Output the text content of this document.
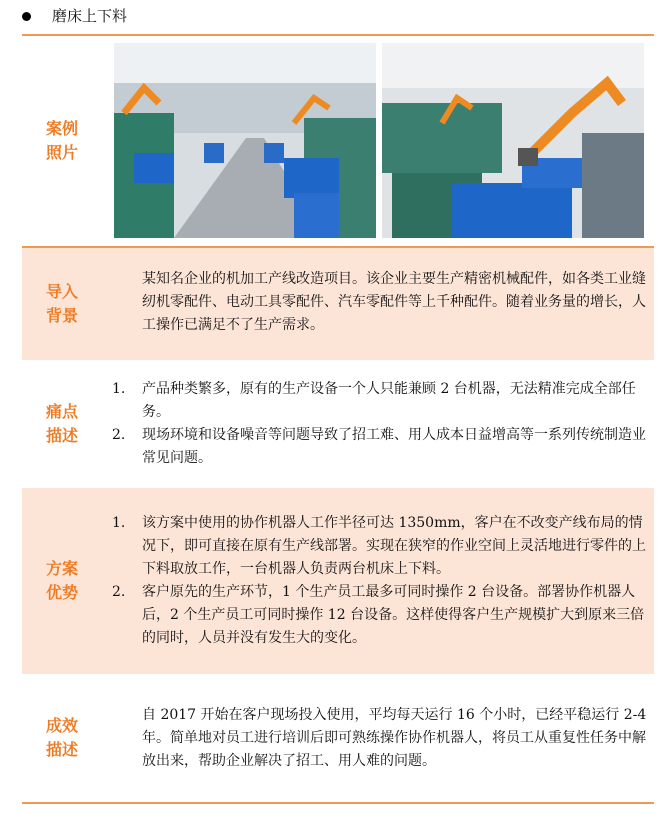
磨床上下料
案例
照片
导入
背景
某知名企业的机加工产线改造项目。该企业主要生产精密机械配件，如各类工业缝纫机零配件、电动工具零配件、汽车零配件等上千种配件。随着业务量的增长，人工操作已满足不了生产需求。
痛点
描述
1. 产品种类繁多，原有的生产设备一个人只能兼顾 2 台机器，无法精准完成全部任务。
2. 现场环境和设备噪音等问题导致了招工难、用人成本日益增高等一系列传统制造业常见问题。
方案
优势
1. 该方案中使用的协作机器人工作半径可达 1350mm，客户在不改变产线布局的情况下，即可直接在原有生产线部署。实现在狭窄的作业空间上灵活地进行零件的上下料取放工作，一台机器人负责两台机床上下料。
2. 客户原先的生产环节，1 个生产员工最多可同时操作 2 台设备。部署协作机器人后，2 个生产员工可同时操作 12 台设备。这样使得客户生产规模扩大到原来三倍的同时，人员并没有发生大的变化。
成效
描述
自 2017 开始在客户现场投入使用，平均每天运行 16 个小时，已经平稳运行 2-4 年。简单地对员工进行培训后即可熟练操作协作机器人，将员工从重复性任务中解放出来，帮助企业解决了招工、用人难的问题。
